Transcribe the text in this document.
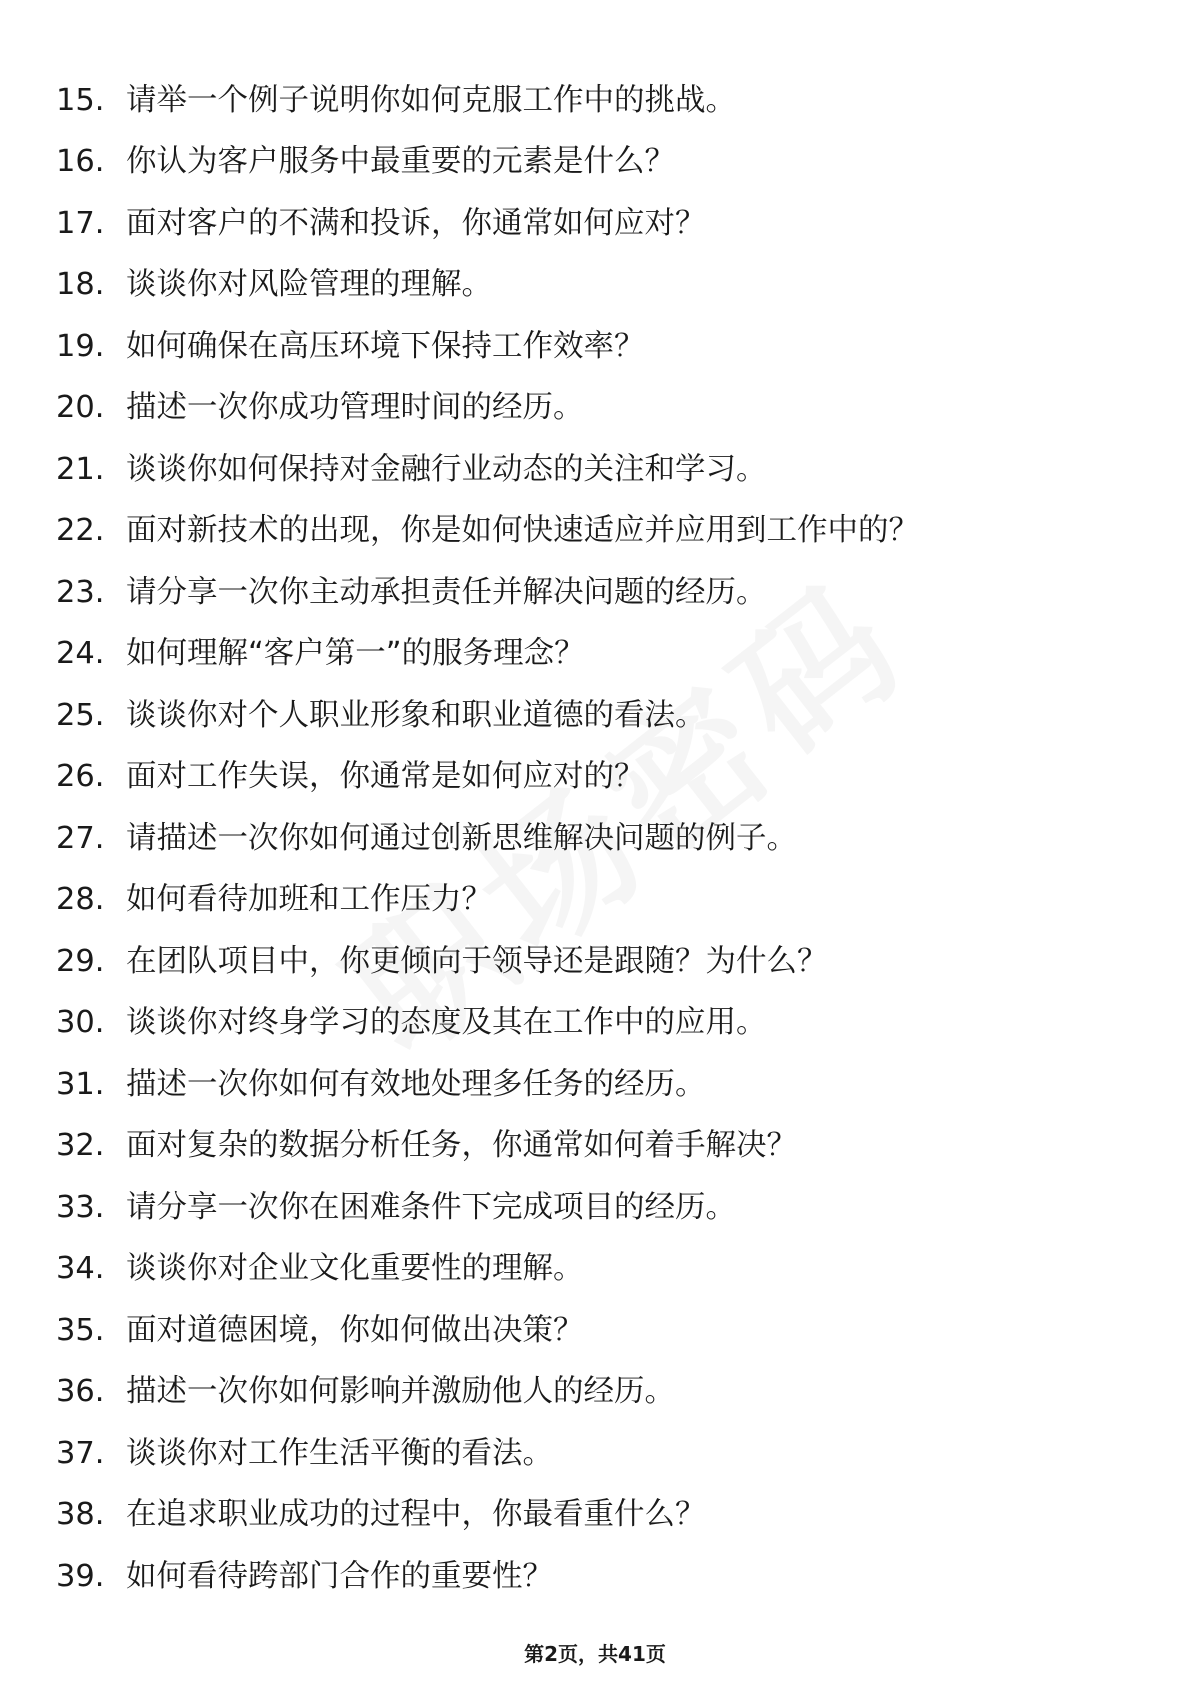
15. 请举一个例子说明你如何克服工作中的挑战。
16. 你认为客户服务中最重要的元素是什么？
17. 面对客户的不满和投诉，你通常如何应对？
18. 谈谈你对风险管理的理解。
19. 如何确保在高压环境下保持工作效率？
20. 描述一次你成功管理时间的经历。
21. 谈谈你如何保持对金融行业动态的关注和学习。
22. 面对新技术的出现，你是如何快速适应并应用到工作中的？
23. 请分享一次你主动承担责任并解决问题的经历。
24. 如何理解“客户第一”的服务理念？
25. 谈谈你对个人职业形象和职业道德的看法。
26. 面对工作失误，你通常是如何应对的？
27. 请描述一次你如何通过创新思维解决问题的例子。
28. 如何看待加班和工作压力？
29. 在团队项目中，你更倾向于领导还是跟随？为什么？
30. 谈谈你对终身学习的态度及其在工作中的应用。
31. 描述一次你如何有效地处理多任务的经历。
32. 面对复杂的数据分析任务，你通常如何着手解决？
33. 请分享一次你在困难条件下完成项目的经历。
34. 谈谈你对企业文化重要性的理解。
35. 面对道德困境，你如何做出决策？
36. 描述一次你如何影响并激励他人的经历。
37. 谈谈你对工作生活平衡的看法。
38. 在追求职业成功的过程中，你最看重什么？
39. 如何看待跨部门合作的重要性？
第2页，共41页
